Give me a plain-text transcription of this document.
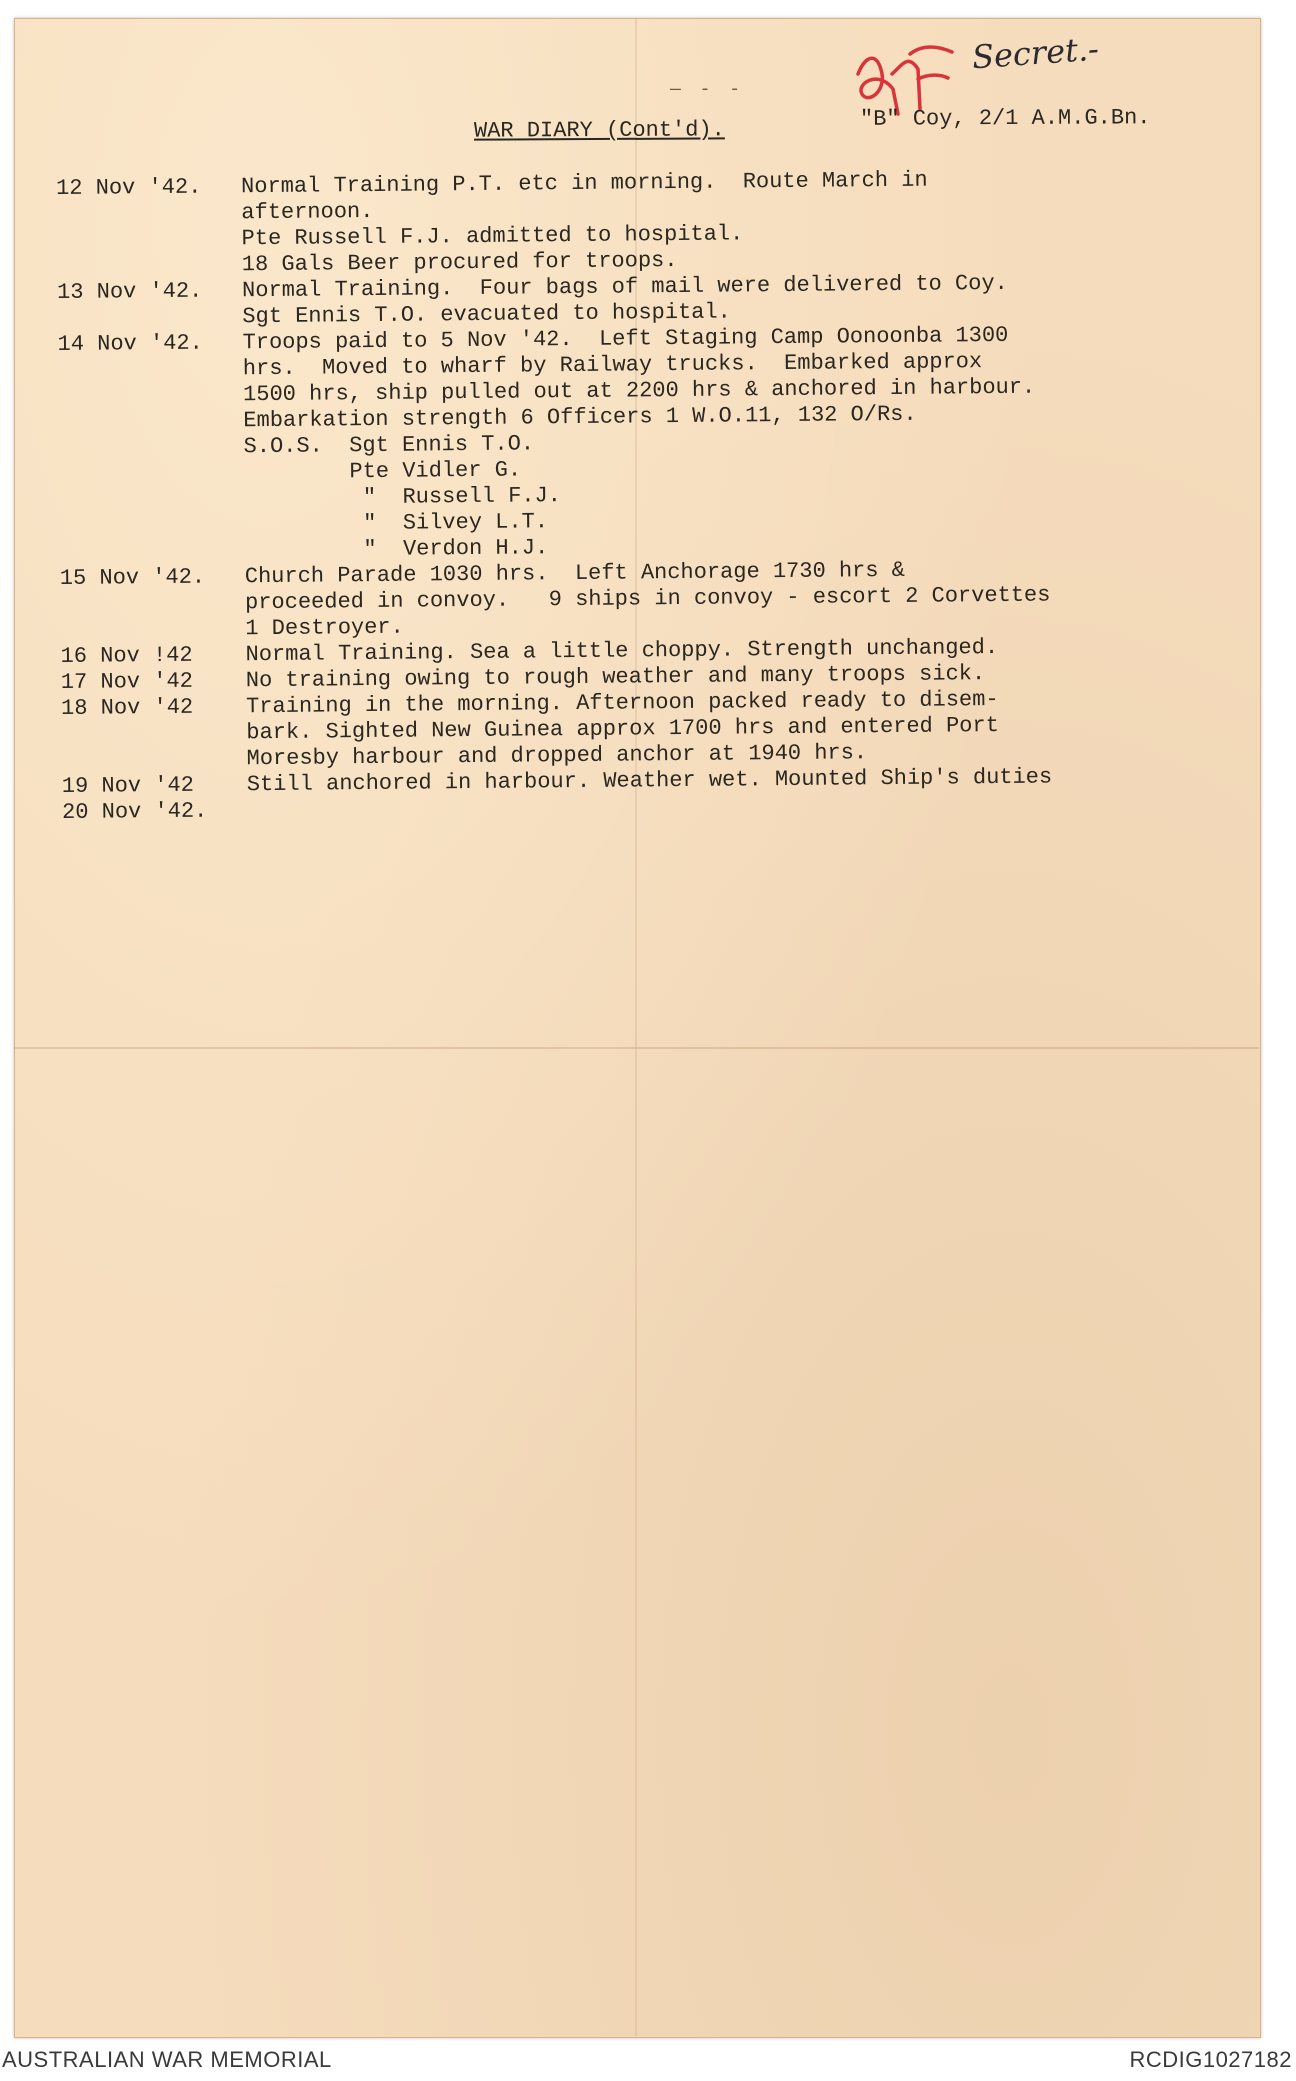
— - -
Secret.-
WAR DIARY (Cont'd).	"B" Coy, 2/1 A.M.G.Bn.
12 Nov '42.	Normal Training P.T. etc in morning.  Route March in
afternoon.
Pte Russell F.J. admitted to hospital.
18 Gals Beer procured for troops.
13 Nov '42.	Normal Training.  Four bags of mail were delivered to Coy.
Sgt Ennis T.O. evacuated to hospital.
14 Nov '42.	Troops paid to 5 Nov '42.  Left Staging Camp Oonoonba 1300
hrs.  Moved to wharf by Railway trucks.  Embarked approx
1500 hrs, ship pulled out at 2200 hrs & anchored in harbour.
Embarkation strength 6 Officers 1 W.O.11, 132 O/Rs.
S.O.S.  Sgt Ennis T.O.
Pte Vidler G.
"  Russell F.J.
"  Silvey L.T.
"  Verdon H.J.
15 Nov '42.	Church Parade 1030 hrs.  Left Anchorage 1730 hrs &
proceeded in convoy.   9 ships in convoy - escort 2 Corvettes
1 Destroyer.
16 Nov !42	Normal Training. Sea a little choppy. Strength unchanged.
17 Nov '42	No training owing to rough weather and many troops sick.
18 Nov '42	Training in the morning. Afternoon packed ready to disem-
bark. Sighted New Guinea approx 1700 hrs and entered Port
Moresby harbour and dropped anchor at 1940 hrs.
19 Nov '42	Still anchored in harbour. Weather wet. Mounted Ship's duties
20 Nov '42.
AUSTRALIAN WAR MEMORIAL	RCDIG1027182
